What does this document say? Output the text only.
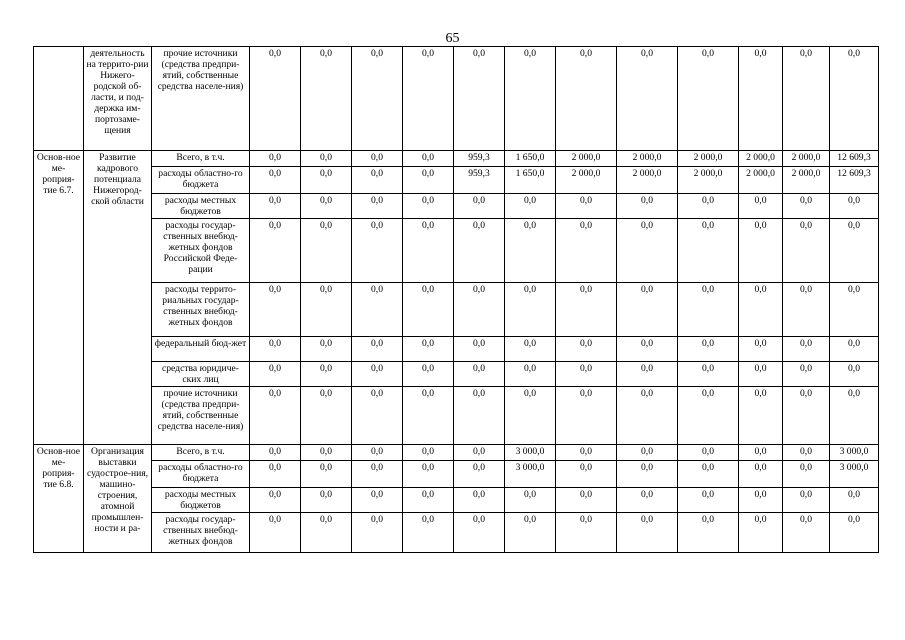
65
	деятельность на террито-рии Нижего-родской об-ласти, и под-держка им-портозаме-щения	прочие источники (средства предпри-ятий, собственные средства населе-ния)	0,0	0,0	0,0	0,0	0,0	0,0	0,0	0,0	0,0	0,0	0,0	0,0
Основ-ное ме-роприя-тие 6.7.	Развитие кадрового потенциала Нижегород-ской области	Всего, в т.ч.	0,0	0,0	0,0	0,0	959,3	1 650,0	2 000,0	2 000,0	2 000,0	2 000,0	2 000,0	12 609,3
		расходы областно-го бюджета	0,0	0,0	0,0	0,0	959,3	1 650,0	2 000,0	2 000,0	2 000,0	2 000,0	2 000,0	12 609,3
		расходы местных бюджетов	0,0	0,0	0,0	0,0	0,0	0,0	0,0	0,0	0,0	0,0	0,0	0,0
		расходы государ-ственных внебюд-жетных фондов Российской Феде-рации	0,0	0,0	0,0	0,0	0,0	0,0	0,0	0,0	0,0	0,0	0,0	0,0
		расходы террито-риальных государ-ственных внебюд-жетных фондов	0,0	0,0	0,0	0,0	0,0	0,0	0,0	0,0	0,0	0,0	0,0	0,0
		федеральный бюд-жет	0,0	0,0	0,0	0,0	0,0	0,0	0,0	0,0	0,0	0,0	0,0	0,0
		средства юридиче-ских лиц	0,0	0,0	0,0	0,0	0,0	0,0	0,0	0,0	0,0	0,0	0,0	0,0
		прочие источники (средства предпри-ятий, собственные средства населе-ния)	0,0	0,0	0,0	0,0	0,0	0,0	0,0	0,0	0,0	0,0	0,0	0,0
Основ-ное ме-роприя-тие 6.8.	Организация выставки судострое-ния, машино-строения, атомной промышлен-ности и ра-	Всего, в т.ч.	0,0	0,0	0,0	0,0	0,0	3 000,0	0,0	0,0	0,0	0,0	0,0	3 000,0
		расходы областно-го бюджета	0,0	0,0	0,0	0,0	0,0	3 000,0	0,0	0,0	0,0	0,0	0,0	3 000,0
		расходы местных бюджетов	0,0	0,0	0,0	0,0	0,0	0,0	0,0	0,0	0,0	0,0	0,0	0,0
		расходы государ-ственных внебюд-жетных фондов	0,0	0,0	0,0	0,0	0,0	0,0	0,0	0,0	0,0	0,0	0,0	0,0
